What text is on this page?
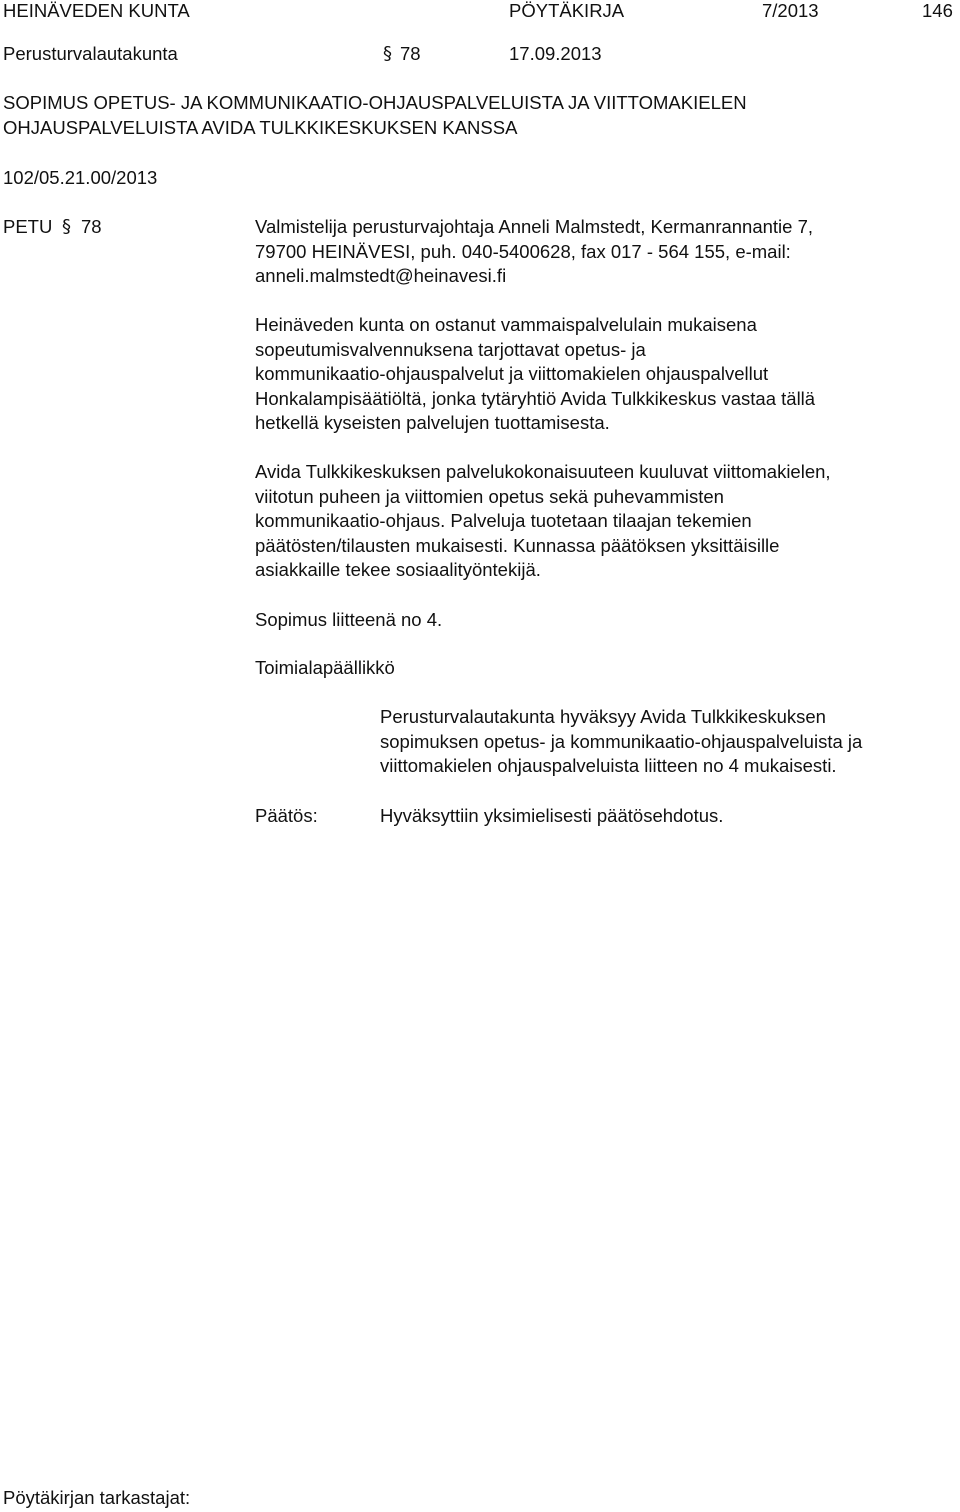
HEINÄVEDEN KUNTA	PÖYTÄKIRJA	7/2013	146
Perusturvalautakunta	§ 78	17.09.2013
SOPIMUS OPETUS- JA KOMMUNIKAATIO-OHJAUSPALVELUISTA JA VIITTOMAKIELEN
OHJAUSPALVELUISTA AVIDA TULKKIKESKUKSEN KANSSA
102/05.21.00/2013
PETU § 78	Valmistelija perusturvajohtaja Anneli Malmstedt, Kermanrannantie 7,
79700 HEINÄVESI, puh. 040-5400628, fax 017 - 564 155, e-mail:
anneli.malmstedt@heinavesi.fi
Heinäveden kunta on ostanut vammaispalvelulain mukaisena
sopeutumisvalvennuksena tarjottavat opetus- ja
kommunikaatio-ohjauspalvelut ja viittomakielen ohjauspalvellut
Honkalampisäätiöltä, jonka tytäryhtiö Avida Tulkkikeskus vastaa tällä
hetkellä kyseisten palvelujen tuottamisesta.
Avida Tulkkikeskuksen palvelukokonaisuuteen kuuluvat viittomakielen,
viitotun puheen ja viittomien opetus sekä puhevammisten
kommunikaatio-ohjaus. Palveluja tuotetaan tilaajan tekemien
päätösten/tilausten mukaisesti. Kunnassa päätöksen yksittäisille
asiakkaille tekee sosiaalityöntekijä.
Sopimus liitteenä no 4.
Toimialapäällikkö
Perusturvalautakunta hyväksyy Avida Tulkkikeskuksen
sopimuksen opetus- ja kommunikaatio-ohjauspalveluista ja
viittomakielen ohjauspalveluista liitteen no 4 mukaisesti.
Päätös:	Hyväksyttiin yksimielisesti päätösehdotus.
Pöytäkirjan tarkastajat:
